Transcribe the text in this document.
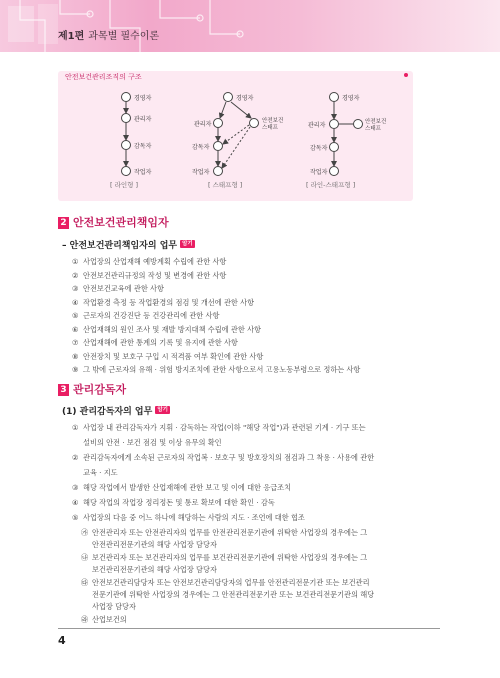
제1편 과목별 필수이론
안전보건관리조직의 구조
경영자
관리자
감독자
작업자
[ 라인형 ]
경영자
관리자
감독자
작업자
안전보건
스태프
[ 스태프형 ]
경영자
관리자
감독자
작업자
안전보건
스태프
[ 라인-스태프형 ]
2 안전보건관리책임자
– 안전보건관리책임자의 업무 암기
① 사업장의 산업재해 예방계획 수립에 관한 사항
② 안전보건관리규정의 작성 및 변경에 관한 사항
③ 안전보건교육에 관한 사항
④ 작업환경 측정 등 작업환경의 점검 및 개선에 관한 사항
⑤ 근로자의 건강진단 등 건강관리에 관한 사항
⑥ 산업재해의 원인 조사 및 재발 방지대책 수립에 관한 사항
⑦ 산업재해에 관한 통계의 기록 및 유지에 관한 사항
⑧ 안전장치 및 보호구 구입 시 적격품 여부 확인에 관한 사항
⑨ 그 밖에 근로자의 유해 · 위험 방지조치에 관한 사항으로서 고용노동부령으로 정하는 사항
3 관리감독자
(1) 관리감독자의 업무 암기
① 사업장 내 관리감독자가 지휘 · 감독하는 작업(이하 "해당 작업")과 관련된 기계 · 기구 또는
설비의 안전 · 보건 점검 및 이상 유무의 확인
② 관리감독자에게 소속된 근로자의 작업복 · 보호구 및 방호장치의 점검과 그 착용 · 사용에 관한
교육 · 지도
③ 해당 작업에서 발생한 산업재해에 관한 보고 및 이에 대한 응급조치
④ 해당 작업의 작업장 정리정돈 및 통로 확보에 대한 확인 · 감독
⑤ 사업장의 다음 중 어느 하나에 해당하는 사람의 지도 · 조언에 대한 협조
㉮ 안전관리자 또는 안전관리자의 업무를 안전관리전문기관에 위탁한 사업장의 경우에는 그
안전관리전문기관의 해당 사업장 담당자
㉯ 보건관리자 또는 보건관리자의 업무를 보건관리전문기관에 위탁한 사업장의 경우에는 그
보건관리전문기관의 해당 사업장 담당자
㉰ 안전보건관리담당자 또는 안전보건관리담당자의 업무를 안전관리전문기관 또는 보건관리
전문기관에 위탁한 사업장의 경우에는 그 안전관리전문기관 또는 보건관리전문기관의 해당
사업장 담당자
㉱ 산업보건의
4
